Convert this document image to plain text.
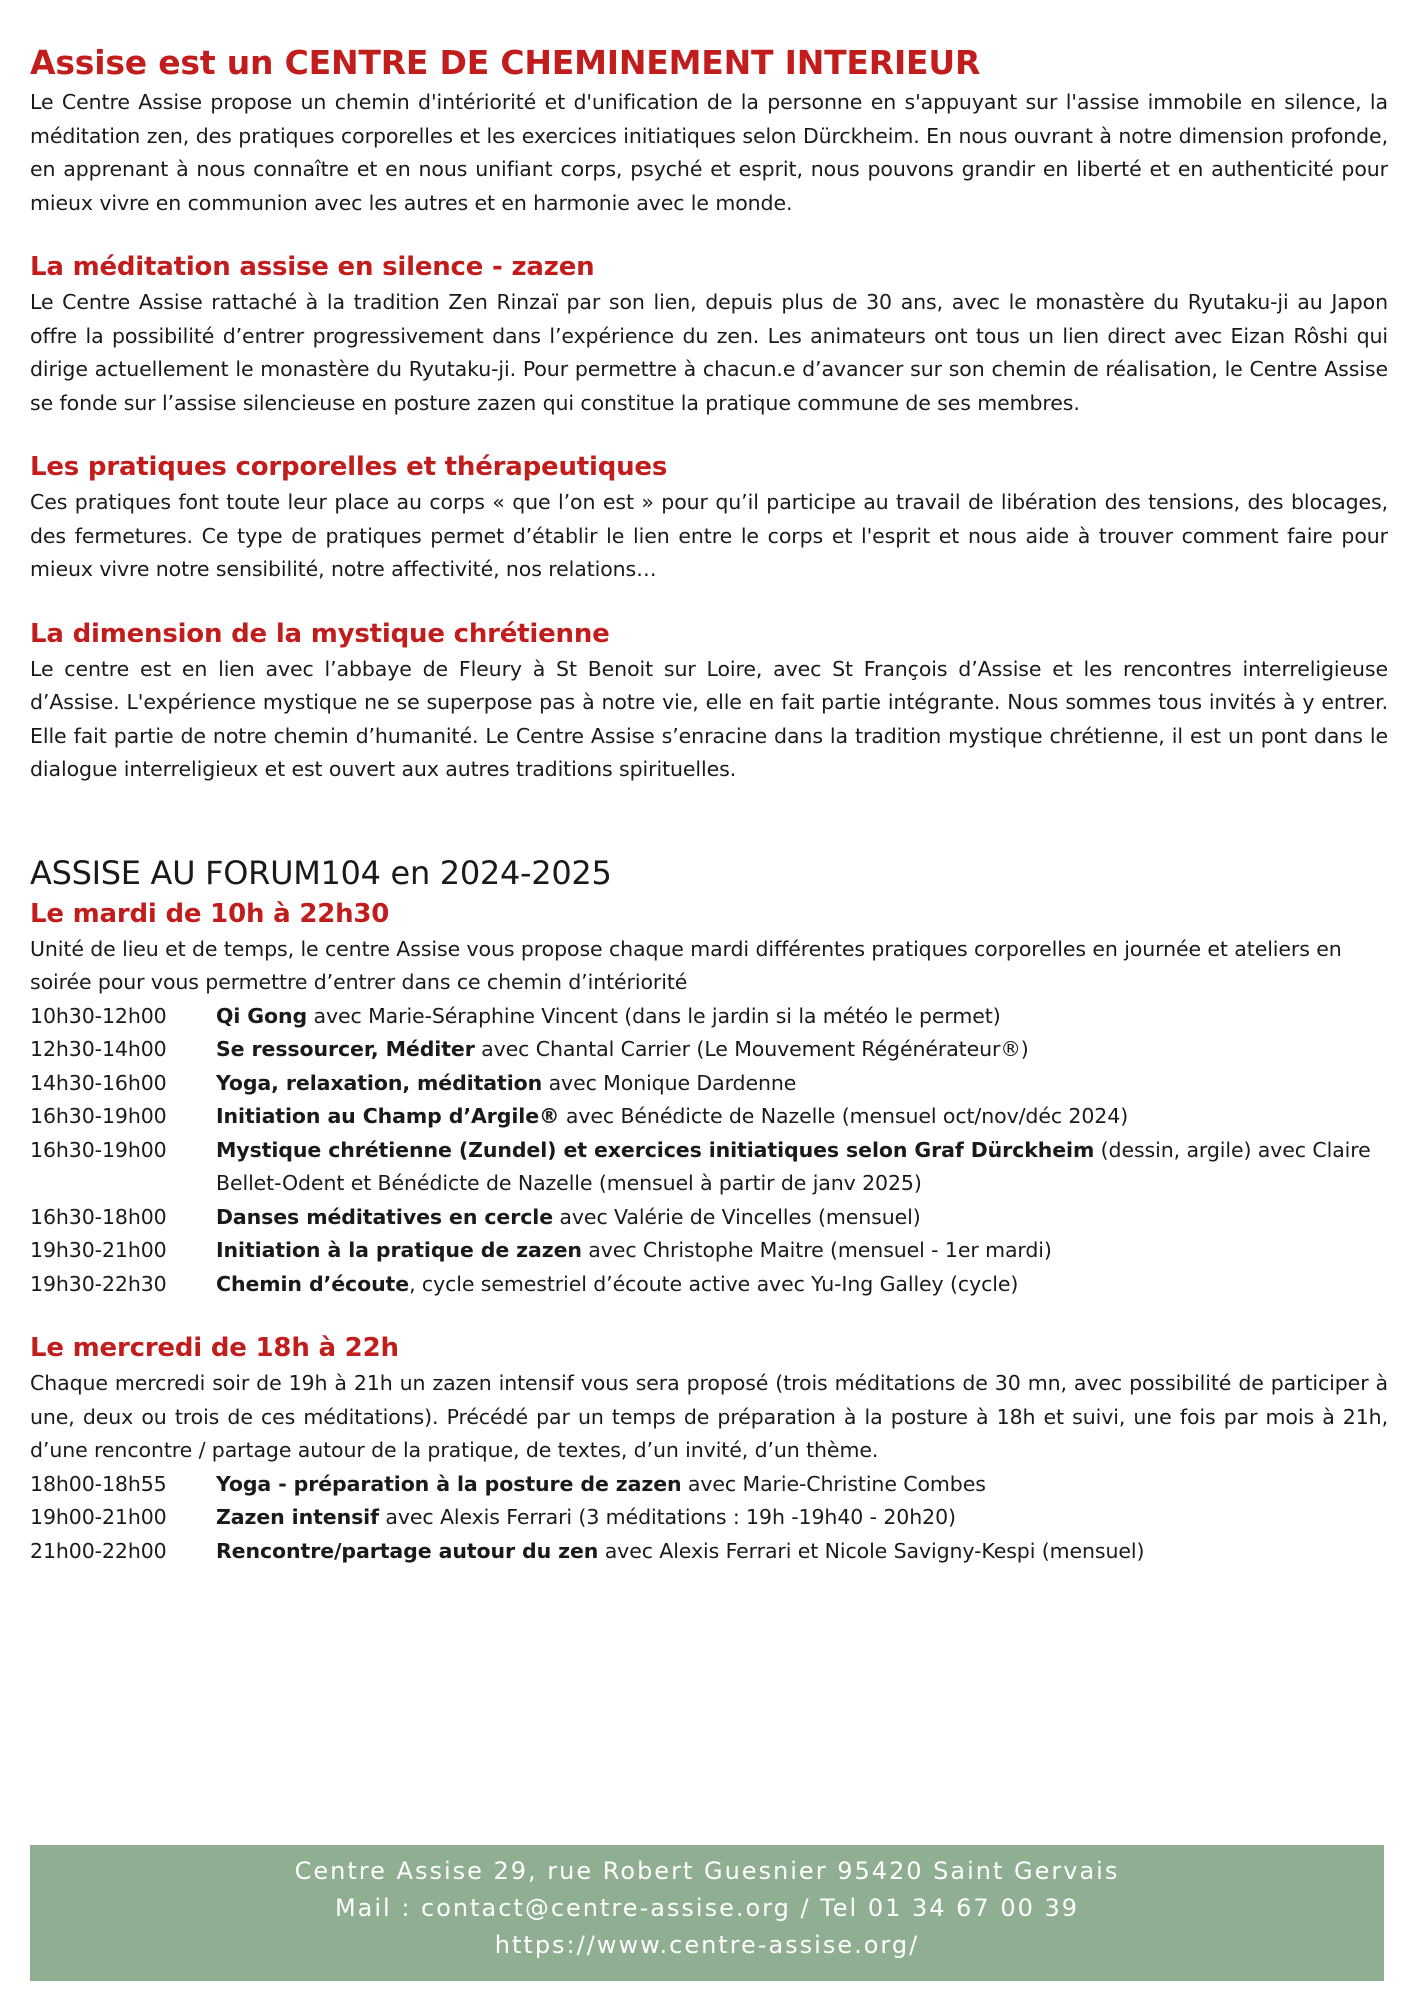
Assise est un CENTRE DE CHEMINEMENT INTERIEUR

Le Centre Assise propose un chemin d'intériorité et d'unification de la personne en s'appuyant sur l'assise immobile en silence, la méditation zen, des pratiques corporelles et les exercices initiatiques selon Dürckheim. En nous ouvrant à notre dimension profonde, en apprenant à nous connaître et en nous unifiant corps, psyché et esprit, nous pouvons grandir en liberté et en authenticité pour mieux vivre en communion avec les autres et en harmonie avec le monde.

La méditation assise en silence - zazen

Le Centre Assise rattaché à la tradition Zen Rinzaï par son lien, depuis plus de 30 ans, avec le monastère du Ryutaku-ji au Japon offre la possibilité d’entrer progressivement dans l’expérience du zen. Les animateurs ont tous un lien direct avec Eizan Rôshi qui dirige actuellement le monastère du Ryutaku-ji. Pour permettre à chacun.e d’avancer sur son chemin de réalisation, le Centre Assise se fonde sur l’assise silencieuse en posture zazen qui constitue la pratique commune de ses membres.

Les pratiques corporelles et thérapeutiques

Ces pratiques font toute leur place au corps « que l’on est » pour qu’il participe au travail de libération des tensions, des blocages, des fermetures. Ce type de pratiques permet d’établir le lien entre le corps et l'esprit et nous aide à trouver comment faire pour mieux vivre notre sensibilité, notre affectivité, nos relations…

La dimension de la mystique chrétienne

Le centre est en lien avec l’abbaye de Fleury à St Benoit sur Loire, avec St François d’Assise et les rencontres interreligieuse d’Assise. L'expérience mystique ne se superpose pas à notre vie, elle en fait partie intégrante. Nous sommes tous invités à y entrer. Elle fait partie de notre chemin d’humanité. Le Centre Assise s’enracine dans la tradition mystique chrétienne, il est un pont dans le dialogue interreligieux et est ouvert aux autres traditions spirituelles.

ASSISE AU FORUM104 en 2024-2025
Le mardi de 10h à 22h30

Unité de lieu et de temps, le centre Assise vous propose chaque mardi différentes pratiques corporelles en journée et ateliers en soirée pour vous permettre d’entrer dans ce chemin d’intériorité

10h30-12h00	Qi Gong avec Marie-Séraphine Vincent (dans le jardin si la météo le permet)
12h30-14h00	Se ressourcer, Méditer avec Chantal Carrier (Le Mouvement Régénérateur®)
14h30-16h00	Yoga, relaxation, méditation avec Monique Dardenne
16h30-19h00	Initiation au Champ d’Argile® avec Bénédicte de Nazelle (mensuel oct/nov/déc 2024)
16h30-19h00	Mystique chrétienne (Zundel) et exercices initiatiques selon Graf Dürckheim (dessin, argile) avec Claire Bellet-Odent et Bénédicte de Nazelle (mensuel à partir de janv 2025)
16h30-18h00	Danses méditatives en cercle avec Valérie de Vincelles (mensuel)
19h30-21h00	Initiation à la pratique de zazen avec Christophe Maitre (mensuel - 1er mardi)
19h30-22h30	Chemin d’écoute, cycle semestriel d’écoute active avec Yu-Ing Galley (cycle)
Le mercredi de 18h à 22h

Chaque mercredi soir de 19h à 21h un zazen intensif vous sera proposé (trois méditations de 30 mn, avec possibilité de participer à une, deux ou trois de ces méditations). Précédé par un temps de préparation à la posture à 18h et suivi, une fois par mois à 21h, d’une rencontre / partage autour de la pratique, de textes, d’un invité, d’un thème.

18h00-18h55	Yoga - préparation à la posture de zazen avec Marie-Christine Combes
19h00-21h00	Zazen intensif avec Alexis Ferrari (3 méditations : 19h -19h40 - 20h20)
21h00-22h00	Rencontre/partage autour du zen avec Alexis Ferrari et Nicole Savigny-Kespi (mensuel)
Centre Assise 29, rue Robert Guesnier 95420 Saint Gervais
Mail : contact@centre-assise.org / Tel 01 34 67 00 39
https://www.centre-assise.org/
